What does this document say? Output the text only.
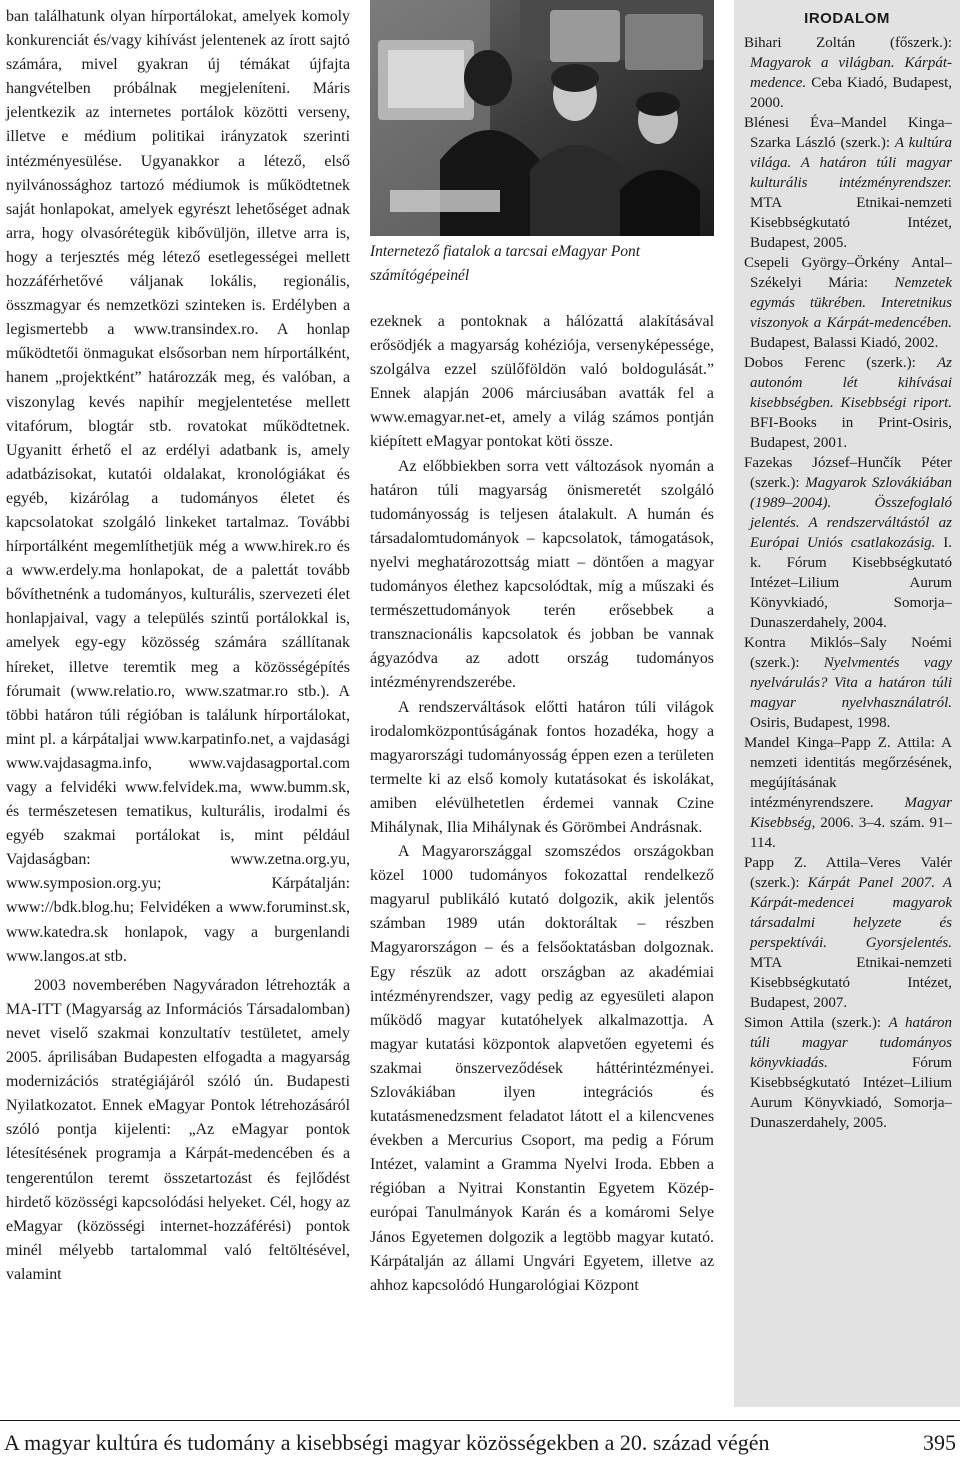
ban találhatunk olyan hírportálokat, amelyek komoly konkurenciát és/vagy kihívást jelentenek az írott sajtó számára, mivel gyakran új témákat újfajta hangvételben próbálnak megjeleníteni. Máris jelentkezik az internetes portálok közötti verseny, illetve e médium politikai irányzatok szerinti intézményesülése. Ugyanakkor a létező, első nyilvánossághoz tartozó médiumok is működtetnek saját honlapokat, amelyek egyrészt lehetőséget adnak arra, hogy olvasórétegük kibővüljön, illetve arra is, hogy a terjesztés még létező esetlegességei mellett hozzáférhetővé váljanak lokális, regionális, összmagyar és nemzetközi szinteken is. Erdélyben a legismertebb a www.transindex.ro. A honlap működtetői önmagukat elsősorban nem hírportálként, hanem „projektként” határozzák meg, és valóban, a viszonylag kevés napihír megjelentetése mellett vitafórum, blogtár stb. rovatokat működtetnek. Ugyanitt érhető el az erdélyi adatbank is, amely adatbázisokat, kutatói oldalakat, kronológiákat és egyéb, kizárólag a tudományos életet és kapcsolatokat szolgáló linkeket tartalmaz. További hírportálként megemlíthetjük még a www.hirek.ro és a www.erdely.ma honlapokat, de a palettát tovább bővíthetnénk a tudományos, kulturális, szervezeti élet honlapjaival, vagy a település szintű portálokkal is, amelyek egy-egy közösség számára szállítanak híreket, illetve teremtik meg a közösségépítés fórumait (www.relatio.ro, www.szatmar.ro stb.). A többi határon túli régióban is találunk hírportálokat, mint pl. a kárpátaljai www.karpatinfo.net, a vajdasági www.vajdasagma.info, www.vajdasagportal.com vagy a felvidéki www.felvidek.ma, www.bumm.sk, és természetesen tematikus, kulturális, irodalmi és egyéb szakmai portálokat is, mint például Vajdaságban: www.zetna.org.yu, www.symposion.org.yu; Kárpátalján: www://bdk.blog.hu; Felvidéken a www.foruminst.sk, www.katedra.sk honlapok, vagy a burgenlandi www.langos.at stb.

2003 novemberében Nagyváradon létrehozták a MA-ITT (Magyarság az Információs Társadalomban) nevet viselő szakmai konzultatív testületet, amely 2005. áprilisában Budapesten elfogadta a magyarság modernizációs stratégiájáról szóló ún. Budapesti Nyilatkozatot. Ennek eMagyar Pontok létrehozásáról szóló pontja kijelenti: „Az eMagyar pontok létesítésének programja a Kárpát-medencében és a tengerentúlon teremt összetartozást és fejlődést hirdető közösségi kapcsolódási helyeket. Cél, hogy az eMagyar (közösségi internet-hozzáférési) pontok minél mélyebb tartalommal való feltöltésével, valamint

Internetező fiatalok a tarcsai eMagyar Pont számítógépeinél

ezeknek a pontoknak a hálózattá alakításával erősödjék a magyarság kohéziója, versenyképessége, szolgálva ezzel szülőföldön való boldogulását.” Ennek alapján 2006 márciusában avatták fel a www.emagyar.net-et, amely a világ számos pontján kiépített eMagyar pontokat köti össze.

Az előbbiekben sorra vett változások nyomán a határon túli magyarság önismeretét szolgáló tudományosság is teljesen átalakult. A humán és társadalomtudományok – kapcsolatok, támogatások, nyelvi meghatározottság miatt – döntően a magyar tudományos élethez kapcsolódtak, míg a műszaki és természettudományok terén erősebbek a transznacionális kapcsolatok és jobban be vannak ágyazódva az adott ország tudományos intézményrendszerébe.

A rendszerváltások előtti határon túli világok irodalomközpontúságának fontos hozadéka, hogy a magyarországi tudományosság éppen ezen a területen termelte ki az első komoly kutatásokat és iskolákat, amiben elévülhetetlen érdemei vannak Czine Mihálynak, Ilia Mihálynak és Görömbei Andrásnak.

A Magyarországgal szomszédos országokban közel 1000 tudományos fokozattal rendelkező magyarul publikáló kutató dolgozik, akik jelentős számban 1989 után doktoráltak – részben Magyarországon – és a felsőoktatásban dolgoznak. Egy részük az adott országban az akadémiai intézményrendszer, vagy pedig az egyesületi alapon működő magyar kutatóhelyek alkalmazottja. A magyar kutatási központok alapvetően egyetemi és szakmai önszerveződések háttérintézményei. Szlovákiában ilyen integrációs és kutatásmenedzsment feladatot látott el a kilencvenes években a Mercurius Csoport, ma pedig a Fórum Intézet, valamint a Gramma Nyelvi Iroda. Ebben a régióban a Nyitrai Konstantin Egyetem Közép-európai Tanulmányok Karán és a komáromi Selye János Egyetemen dolgozik a legtöbb magyar kutató. Kárpátalján az állami Ungvári Egyetem, illetve az ahhoz kapcsolódó Hungarológiai Központ

IRODALOM
Bihari Zoltán (főszerk.): Magyarok a világban. Kárpát-medence. Ceba Kiadó, Budapest, 2000.
Blénesi Éva–Mandel Kinga–Szarka László (szerk.): A kultúra világa. A határon túli magyar kulturális intézményrendszer. MTA Etnikai-nemzeti Kisebbségkutató Intézet, Budapest, 2005.
Csepeli György–Örkény Antal–Székelyi Mária: Nemzetek egymás tükrében. Interetnikus viszonyok a Kárpát-medencében. Budapest, Balassi Kiadó, 2002.
Dobos Ferenc (szerk.): Az autonóm lét kihívásai kisebbségben. Kisebbségi riport. BFI-Books in Print-Osiris, Budapest, 2001.
Fazekas József–Hunčík Péter (szerk.): Magyarok Szlovákiában (1989–2004). Összefoglaló jelentés. A rendszerváltástól az Európai Uniós csatlakozásig. I. k. Fórum Kisebbségkutató Intézet–Lilium Aurum Könyvkiadó, Somorja–Dunaszerdahely, 2004.
Kontra Miklós–Saly Noémi (szerk.): Nyelvmentés vagy nyelvárulás? Vita a határon túli magyar nyelvhasználatról. Osiris, Budapest, 1998.
Mandel Kinga–Papp Z. Attila: A nemzeti identitás megőrzésének, megújításának intézményrendszere. Magyar Kisebbség, 2006. 3–4. szám. 91–114.
Papp Z. Attila–Veres Valér (szerk.): Kárpát Panel 2007. A Kárpát-medencei magyarok társadalmi helyzete és perspektívái. Gyorsjelentés. MTA Etnikai-nemzeti Kisebbségkutató Intézet, Budapest, 2007.
Simon Attila (szerk.): A határon túli magyar tudományos könyvkiadás. Fórum Kisebbségkutató Intézet–Lilium Aurum Könyvkiadó, Somorja–Dunaszerdahely, 2005.
A magyar kultúra és tudomány a kisebbségi magyar közösségekben a 20. század végén	395
